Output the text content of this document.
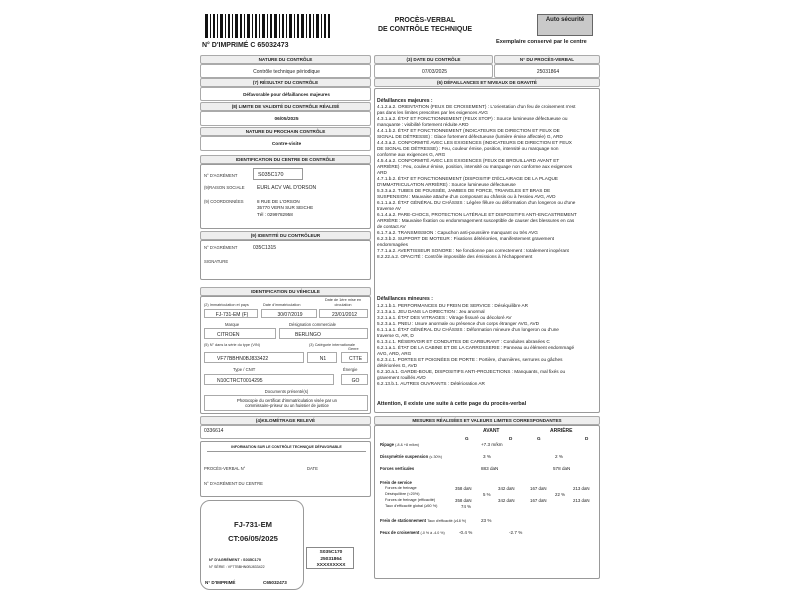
N° D'IMPRIMÉ C 65032473
PROCÈS-VERBAL
DE CONTRÔLE TECHNIQUE
Auto sécurité
Exemplaire conservé par le centre
NATURE DU CONTRÔLE
Contrôle technique périodique
(7) RÉSULTAT DU CONTRÔLE
Défavorable pour défaillances majeures
(8) LIMITE DE VALIDITÉ DU CONTRÔLE RÉALISÉ
06/05/2025
NATURE DU PROCHAIN CONTRÔLE
Contre-visite
IDENTIFICATION DU CENTRE DE CONTRÔLE
N° D'AGRÉMENT	S035C170
(9)RAISON SOCIALE	EURL ACV VAL D'ORSON
(9) COORDONNÉES	8 RUE DE L'ORSON
35770 VERN SUR SEICHE
Tél : 0299782958
(9) IDENTITÉ DU CONTRÔLEUR
N° D'AGRÉMENT	035C1315
SIGNATURE
IDENTIFICATION DU VÉHICULE
(2) Immatriculation et pays	Date d'immatriculation
Date de 1ère mise en circulation
FJ-731-EM (F)	30/07/2019	23/01/2012
Marque	Désignation commerciale
CITROEN	BERLINGO
(5) N° dans la série du type (VIN)	(3) Catégorie internationale
Genre
VF77BBHN0BJ833422	N1	CTTE
Type / CNIT	Énergie
N10CTRCT0014295	GO
Documents présenté(s)
Photocopie du certificat d'immatriculation visée par un commissaire-priseur ou un huissier de justice
(4)KILOMÉTRAGE RELEVÉ
0336614
INFORMATION SUR LE CONTRÔLE TECHNIQUE DÉFAVORABLE
PROCÈS-VERBAL N°	DATE
N° D'AGRÉMENT DU CENTRE
FJ-731-EM
CT:06/05/2025
N° D'AGRÉMENT : S035C170
N° SÉRIE : VF77BBHN0BJ833422
N° D'IMPRIMÉ	C65032473
S035C170
25031864
XXXXXXXXX
(3) DATE DU CONTRÔLE
07/03/2025
N° DU PROCÈS-VERBAL
25031864
(6) DÉFAILLANCES ET NIVEAUX DE GRAVITÉ
Défaillances majeures :
4.1.2.a.2. ORIENTATION (FEUX DE CROISEMENT) : L'orientation d'un feu de croisement n'est pas dans les limites prescrites par les exigences AVG
4.3.1.a.2. ÉTAT ET FONCTIONNEMENT (FEUX STOP) : Source lumineuse défectueuse ou manquante : visibilité fortement réduite ARD
4.4.1.b.2. ÉTAT ET FONCTIONNEMENT (INDICATEURS DE DIRECTION ET FEUX DE SIGNAL DE DÉTRESSE) : Glace fortement défectueuse (lumière émise affectée) G, ARD
4.4.3.a.2. CONFORMITÉ AVEC LES EXIGENCES (INDICATEURS DE DIRECTION ET FEUX DE SIGNAL DE DÉTRESSE) : Feu, couleur émise, position, intensité ou marquage non conforme aux exigences G, ARG
4.5.4.a.2. CONFORMITÉ AVEC LES EXIGENCES (FEUX DE BROUILLARD AVANT ET ARRIÈRE) : Feu, couleur émise, position, intensité ou marquage non conforme aux exigences ARD
4.7.1.b.2. ÉTAT ET FONCTIONNEMENT (DISPOSITIF D'ÉCLAIRAGE DE LA PLAQUE D'IMMATRICULATION ARRIÈRE) : Source lumineuse défectueuse
5.3.3.a.2. TUBES DE POUSSÉE, JAMBES DE FORCE, TRIANGLES ET BRAS DE SUSPENSION : Mauvaise attache d'un composant au châssis ou à l'essieu AVG, AVD
6.1.1.a.2. ÉTAT GÉNÉRAL DU CHÂSSIS : Légère fêlure ou déformation d'un longeron ou d'une traverse AV
6.1.4.a.2. PARE-CHOCS, PROTECTION LATÉRALE ET DISPOSITIFS ANTI-ENCASTREMENT ARRIÈRE : Mauvaise fixation ou endommagement susceptible de causer des blessures en cas de contact AV
6.1.7.a.2. TRANSMISSION : Capuchon anti-poussière manquant ou très AVG
6.2.3.b.2. SUPPORT DE MOTEUR : Fixations détériorées, manifestement gravement endommagées
7.7.1.a.2. AVERTISSEUR SONORE : Ne fonctionne pas correctement : totalement inopérant
8.2.22.a.2. OPACITÉ : Contrôle impossible des émissions à l'échappement
Défaillances mineures :
1.2.1.b.1. PERFORMANCES DU FREIN DE SERVICE : Déséquilibre AR
2.1.3.a.1. JEU DANS LA DIRECTION : Jeu anormal
3.2.1.a.1. ÉTAT DES VITRAGES : Vitrage fissuré ou décoloré AV
5.2.3.a.1. PNEU : Usure anormale ou présence d'un corps étranger AVG, AVD
6.1.1.a.1. ÉTAT GÉNÉRAL DU CHÂSSIS : Déformation mineure d'un longeron ou d'une traverse G, AR, D
6.1.3.c.1. RÉSERVOIR ET CONDUITES DE CARBURANT : Conduites abrasées C
6.2.1.a.1. ÉTAT DE LA CABINE ET DE LA CARROSSERIE : Panneau ou élément endommagé AVG, ARD, ARG
6.2.3.c.1. PORTES ET POIGNÉES DE PORTE : Portière, charnières, serrures ou gâches détériorées G, AVD
6.2.10.a.1. GARDE-BOUE, DISPOSITIFS ANTI-PROJECTIONS : Manquants, mal fixés ou gravement rouillés AVD
6.2.13.b.1. AUTRES OUVRANTS : Détérioration AR
Attention, il existe une suite à cette page du procès-verbal
MESURES RÉALISÉES ET VALEURS LIMITES CORRESPONDANTES
AVANT	ARRIÈRE
G	D	G	D
Ripage (-8 & +8 m/km)	+7.3 m/km
Dissymétrie suspension (≤ 30%)	3 %	2 %
Forces verticales	883 daN	578 daN
Frein de service
Forces de freinage	358 daN	342 daN	167 daN	213 daN
Déséquilibre (<20%)	5 %	22 %
Forces de freinage (efficacité)	358 daN	342 daN	167 daN	213 daN
Taux d'efficacité global (≥50 %)	74 %
Frein de stationnement Taux d'efficacité (≥18 %)	23 %
Feux de croisement (-0 % à -4.0 %)	-0.4 %	-2.7 %
